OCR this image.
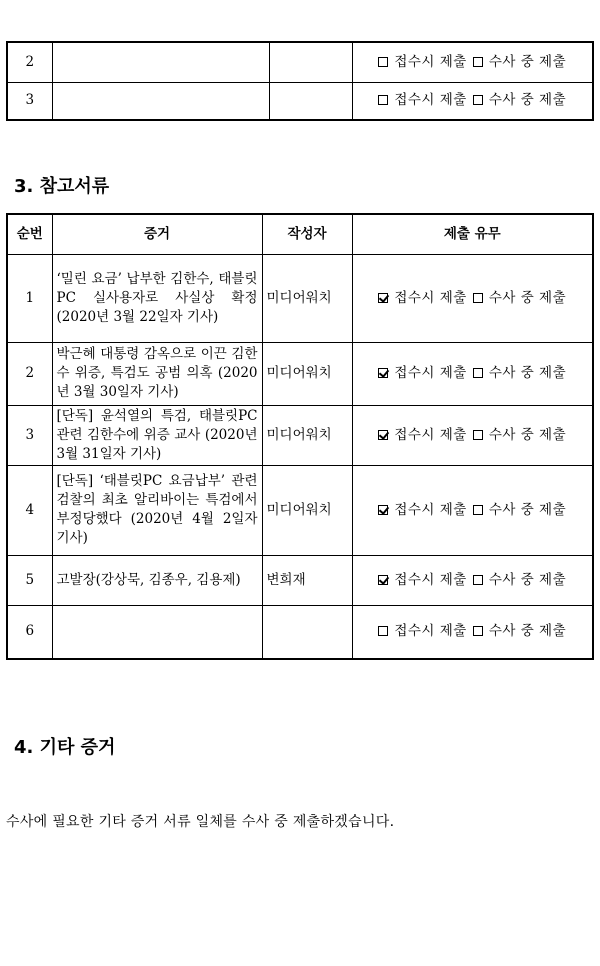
2			접수시 제출 수사 중 제출
3			접수시 제출 수사 중 제출
3. 참고서류
순번	증거	작성자	제출 유무
1	‘밀린 요금’ 납부한 김한수, 태블릿PC 실사용자로 사실상 확정 (2020년 3월 22일자 기사)	미디어워치	접수시 제출 수사 중 제출
2	박근혜 대통령 감옥으로 이끈 김한수 위증, 특검도 공범 의혹 (2020년 3월 30일자 기사)	미디어워치	접수시 제출 수사 중 제출
3	[단독] 윤석열의 특검, 태블릿PC 관련 김한수에 위증 교사 (2020년 3월 31일자 기사)	미디어워치	접수시 제출 수사 중 제출
4	[단독] ‘태블릿PC 요금납부’ 관련 검찰의 최초 알리바이는 특검에서 부정당했다 (2020년 4월 2일자 기사)	미디어워치	접수시 제출 수사 중 제출
5	고발장(강상묵, 김종우, 김용제)	변희재	접수시 제출 수사 중 제출
6			접수시 제출 수사 중 제출
4. 기타 증거

수사에 필요한 기타 증거 서류 일체를 수사 중 제출하겠습니다.
